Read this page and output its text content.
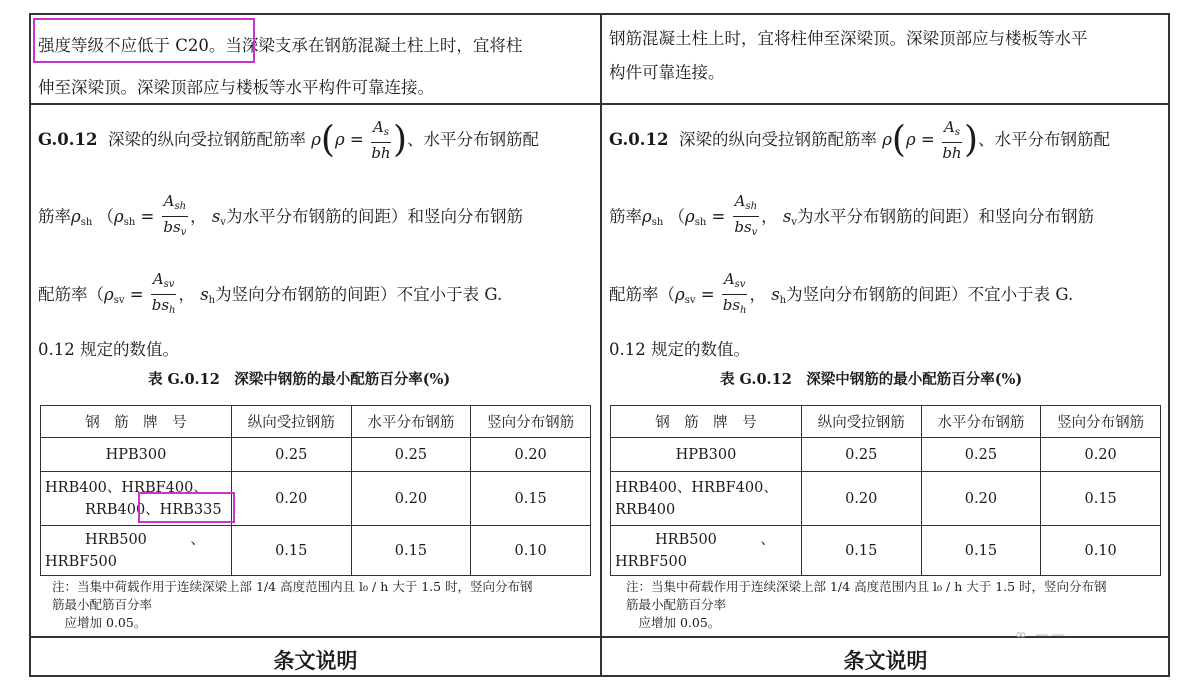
强度等级不应低于 C20。当深梁支承在钢筋混凝土柱上时，宜将柱
伸至深梁顶。深梁顶部应与楼板等水平构件可靠连接。
钢筋混凝土柱上时，宜将柱伸至深梁顶。深梁顶部应与楼板等水平
构件可靠连接。
G.0.12 深梁的纵向受拉钢筋配筋率 $\rho(\rho = \frac{A_s}{bh}$ )、水平分布钢筋配
筋率$\rho_{sh}$ （$\rho_{sh} = \frac{A_{sh}}{bs_v}$ ， $s_v$为水平分布钢筋的间距）和竖向分布钢筋
配筋率（$\rho_{sv} = \frac{A_{sv}}{bs_h}$ ， $s_h$为竖向分布钢筋的间距）不宜小于表 G.
0.12 规定的数值。
G.0.12 深梁的纵向受拉钢筋配筋率 $\rho(\rho = \frac{A_s}{bh}$ )、水平分布钢筋配
筋率$\rho_{sh}$ （$\rho_{sh} = \frac{A_{sh}}{bs_v}$ ， $s_v$为水平分布钢筋的间距）和竖向分布钢筋
配筋率（$\rho_{sv} = \frac{A_{sv}}{bs_h}$ ， $s_h$为竖向分布钢筋的间距）不宜小于表 G.
0.12 规定的数值。
表 G.0.12　深梁中钢筋的最小配筋百分率(%)	表 G.0.12　深梁中钢筋的最小配筋百分率(%)
钢　筋　牌　号	纵向受拉钢筋	水平分布钢筋	竖向分布钢筋
HPB300	0.25	0.25	0.20
HRB400、HRBF400、
RRB400、HRB335	0.20	0.20	0.15
HRB500　　　、
HRBF500	0.15	0.15	0.10
钢　筋　牌　号	纵向受拉钢筋	水平分布钢筋	竖向分布钢筋
HPB300	0.25	0.25	0.20
HRB400、HRBF400、
RRB400	0.20	0.20	0.15
HRB500　　　、
HRBF500	0.15	0.15	0.10
注：当集中荷载作用于连续深梁上部 1/4 高度范围内且 l₀ / h 大于 1.5 时，竖向分布钢
筋最小配筋百分率
　应增加 0.05。
注：当集中荷载作用于连续深梁上部 1/4 高度范围内且 l₀ / h 大于 1.5 时，竖向分布钢
筋最小配筋百分率
　应增加 0.05。
条文说明	条文说明
∞ ——
